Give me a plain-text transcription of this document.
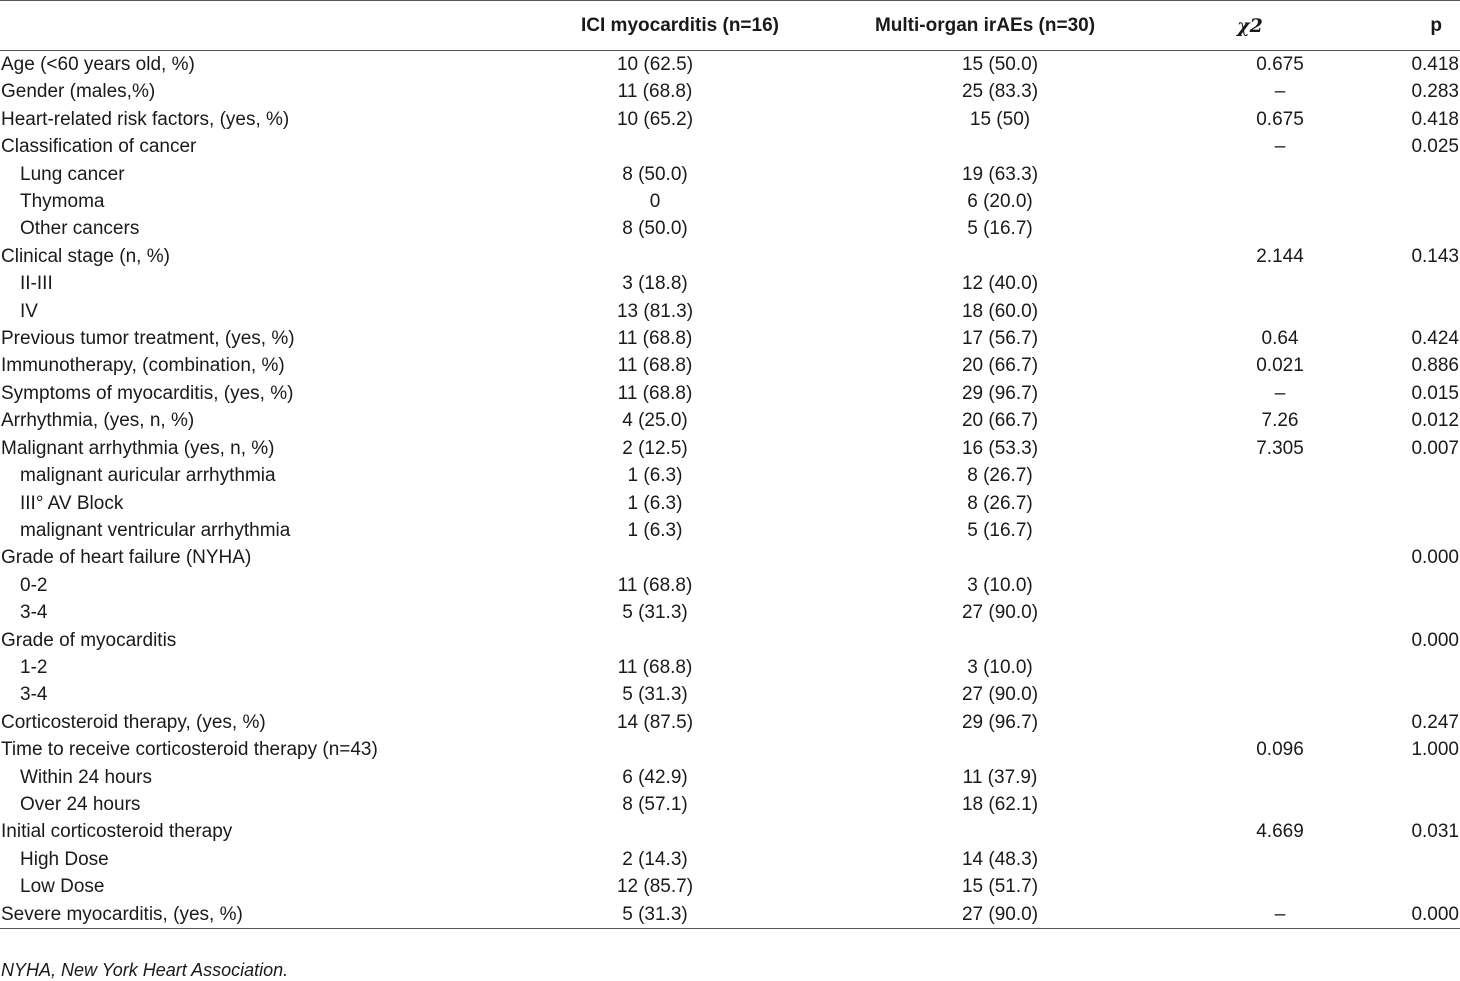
	ICI myocarditis (n=16)	Multi-organ irAEs (n=30)	χ2	p
Age (<60 years old, %)	10 (62.5)	15 (50.0)	0.675	0.418
Gender (males,%)	11 (68.8)	25 (83.3)	–	0.283
Heart-related risk factors, (yes, %)	10 (65.2)	15 (50)	0.675	0.418
Classification of cancer			–	0.025
Lung cancer	8 (50.0)	19 (63.3)		
Thymoma	0	6 (20.0)		
Other cancers	8 (50.0)	5 (16.7)		
Clinical stage (n, %)			2.144	0.143
II-III	3 (18.8)	12 (40.0)		
IV	13 (81.3)	18 (60.0)		
Previous tumor treatment, (yes, %)	11 (68.8)	17 (56.7)	0.64	0.424
Immunotherapy, (combination, %)	11 (68.8)	20 (66.7)	0.021	0.886
Symptoms of myocarditis, (yes, %)	11 (68.8)	29 (96.7)	–	0.015
Arrhythmia, (yes, n, %)	4 (25.0)	20 (66.7)	7.26	0.012
Malignant arrhythmia (yes, n, %)	2 (12.5)	16 (53.3)	7.305	0.007
malignant auricular arrhythmia	1 (6.3)	8 (26.7)		
III° AV Block	1 (6.3)	8 (26.7)		
malignant ventricular arrhythmia	1 (6.3)	5 (16.7)		
Grade of heart failure (NYHA)				0.000
0-2	11 (68.8)	3 (10.0)		
3-4	5 (31.3)	27 (90.0)		
Grade of myocarditis				0.000
1-2	11 (68.8)	3 (10.0)		
3-4	5 (31.3)	27 (90.0)		
Corticosteroid therapy, (yes, %)	14 (87.5)	29 (96.7)		0.247
Time to receive corticosteroid therapy (n=43)			0.096	1.000
Within 24 hours	6 (42.9)	11 (37.9)		
Over 24 hours	8 (57.1)	18 (62.1)		
Initial corticosteroid therapy			4.669	0.031
High Dose	2 (14.3)	14 (48.3)		
Low Dose	12 (85.7)	15 (51.7)		
Severe myocarditis, (yes, %)	5 (31.3)	27 (90.0)	–	0.000
NYHA, New York Heart Association.
